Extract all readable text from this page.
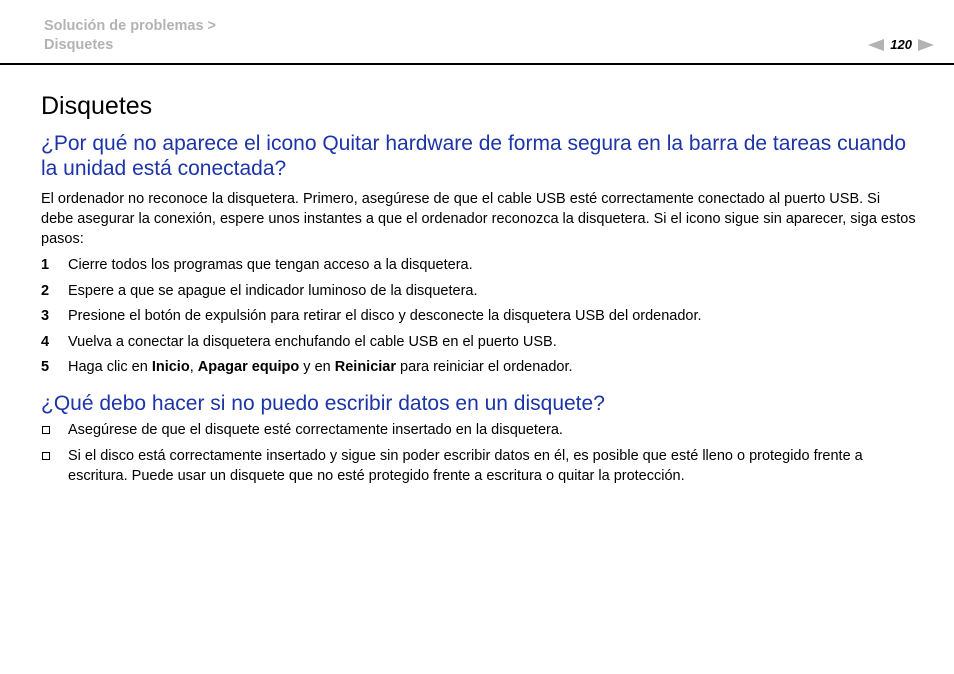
Solución de problemas >
Disquetes	120
Disquetes
¿Por qué no aparece el icono Quitar hardware de forma segura en la barra de tareas cuando la unidad está conectada?

El ordenador no reconoce la disquetera. Primero, asegúrese de que el cable USB esté correctamente conectado al puerto USB. Si debe asegurar la conexión, espere unos instantes a que el ordenador reconozca la disquetera. Si el icono sigue sin aparecer, siga estos pasos:

1 Cierre todos los programas que tengan acceso a la disquetera.
2 Espere a que se apague el indicador luminoso de la disquetera.
3 Presione el botón de expulsión para retirar el disco y desconecte la disquetera USB del ordenador.
4 Vuelva a conectar la disquetera enchufando el cable USB en el puerto USB.
5 Haga clic en Inicio, Apagar equipo y en Reiniciar para reiniciar el ordenador.
¿Qué debo hacer si no puedo escribir datos en un disquete?
Asegúrese de que el disquete esté correctamente insertado en la disquetera.
Si el disco está correctamente insertado y sigue sin poder escribir datos en él, es posible que esté lleno o protegido frente a escritura. Puede usar un disquete que no esté protegido frente a escritura o quitar la protección.
